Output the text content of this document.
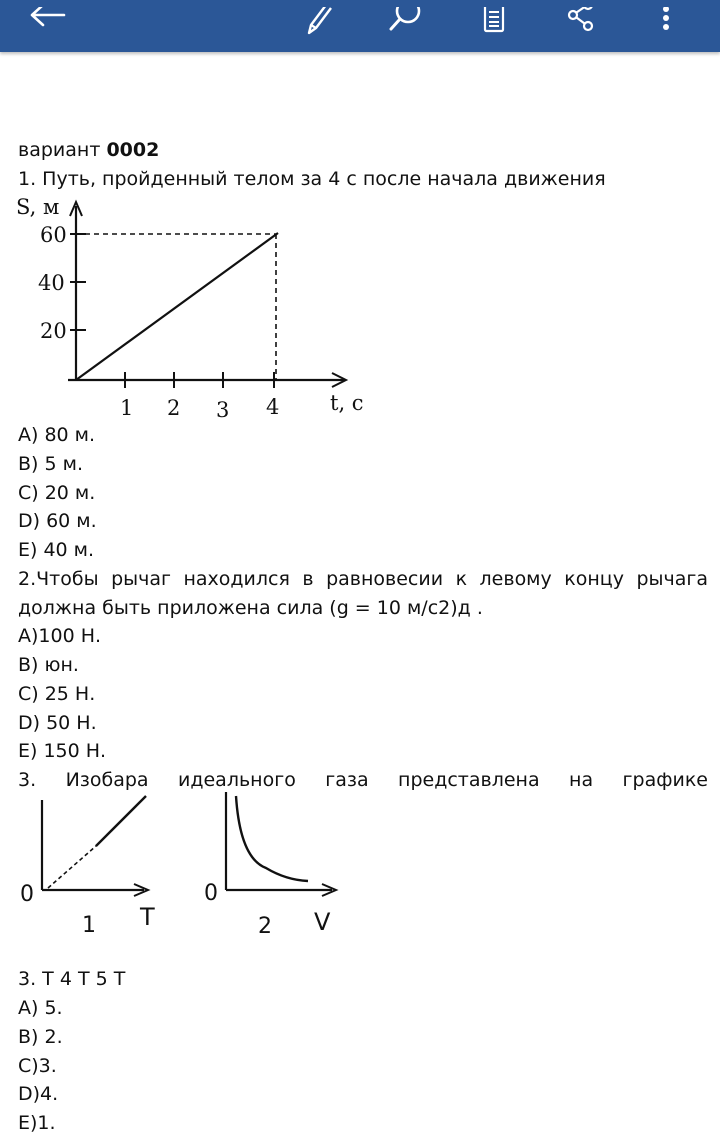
вариант 0002
1. Путь, пройденный телом за 4 с после начала движения
S, м
60
40
20
1 2 3 4 t, с
A) 80 м.
B) 5 м.
C) 20 м.
D) 60 м.
E) 40 м.
2.Чтобы рычаг находился в равновесии к левому концу рычага
должна быть приложена сила (g = 10 м/с2)д .
A)100 Н.
B) юн.
C) 25 Н.
D) 50 Н.
E) 150 Н.
3. Изобара идеального газа представлена на графике
0
T
1
0
V
2
3. Т 4 Т 5 Т
A) 5.
B) 2.
C)3.
D)4.
E)1.
